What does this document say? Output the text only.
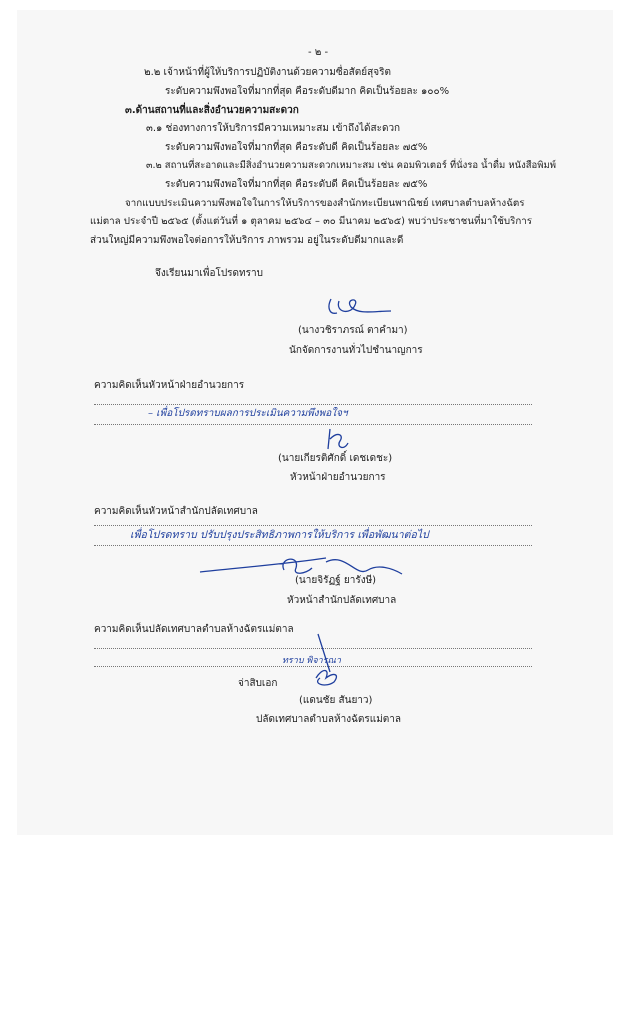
- ๒ -
๒.๒ เจ้าหน้าที่ผู้ให้บริการปฏิบัติงานด้วยความซื่อสัตย์สุจริต
ระดับความพึงพอใจที่มากที่สุด คือระดับดีมาก คิดเป็นร้อยละ ๑๐๐%
๓.ด้านสถานที่และสิ่งอำนวยความสะดวก
๓.๑ ช่องทางการให้บริการมีความเหมาะสม เข้าถึงได้สะดวก
ระดับความพึงพอใจที่มากที่สุด คือระดับดี คิดเป็นร้อยละ ๗๕%
๓.๒ สถานที่สะอาดและมีสิ่งอำนวยความสะดวกเหมาะสม เช่น คอมพิวเตอร์ ที่นั่งรอ น้ำดื่ม หนังสือพิมพ์
ระดับความพึงพอใจที่มากที่สุด คือระดับดี คิดเป็นร้อยละ ๗๕%
จากแบบประเมินความพึงพอใจในการให้บริการของสำนักทะเบียนพาณิชย์ เทศบาลตำบลห้างฉัตร
แม่ตาล ประจำปี ๒๕๖๕ (ตั้งแต่วันที่ ๑ ตุลาคม ๒๕๖๔ – ๓๐ มีนาคม ๒๕๖๕) พบว่าประชาชนที่มาใช้บริการ
ส่วนใหญ่มีความพึงพอใจต่อการให้บริการ ภาพรวม อยู่ในระดับดีมากและดี
จึงเรียนมาเพื่อโปรดทราบ
(นางวชิราภรณ์ ตาคำมา)
นักจัดการงานทั่วไปชำนาญการ
ความคิดเห็นหัวหน้าฝ่ายอำนวยการ
– เพื่อโปรดทราบผลการประเมินความพึงพอใจฯ
(นายเกียรติศักดิ์ เดชเดชะ)
หัวหน้าฝ่ายอำนวยการ
ความคิดเห็นหัวหน้าสำนักปลัดเทศบาล
เพื่อโปรดทราบ ปรับปรุงประสิทธิภาพการให้บริการ เพื่อพัฒนาต่อไป
(นายจิรัฏฐ์ ยารังษี)
หัวหน้าสำนักปลัดเทศบาล
ความคิดเห็นปลัดเทศบาลตำบลห้างฉัตรแม่ตาล
ทราบ พิจารณา
จ่าสิบเอก
(แดนชัย สันยาว)
ปลัดเทศบาลตำบลห้างฉัตรแม่ตาล
